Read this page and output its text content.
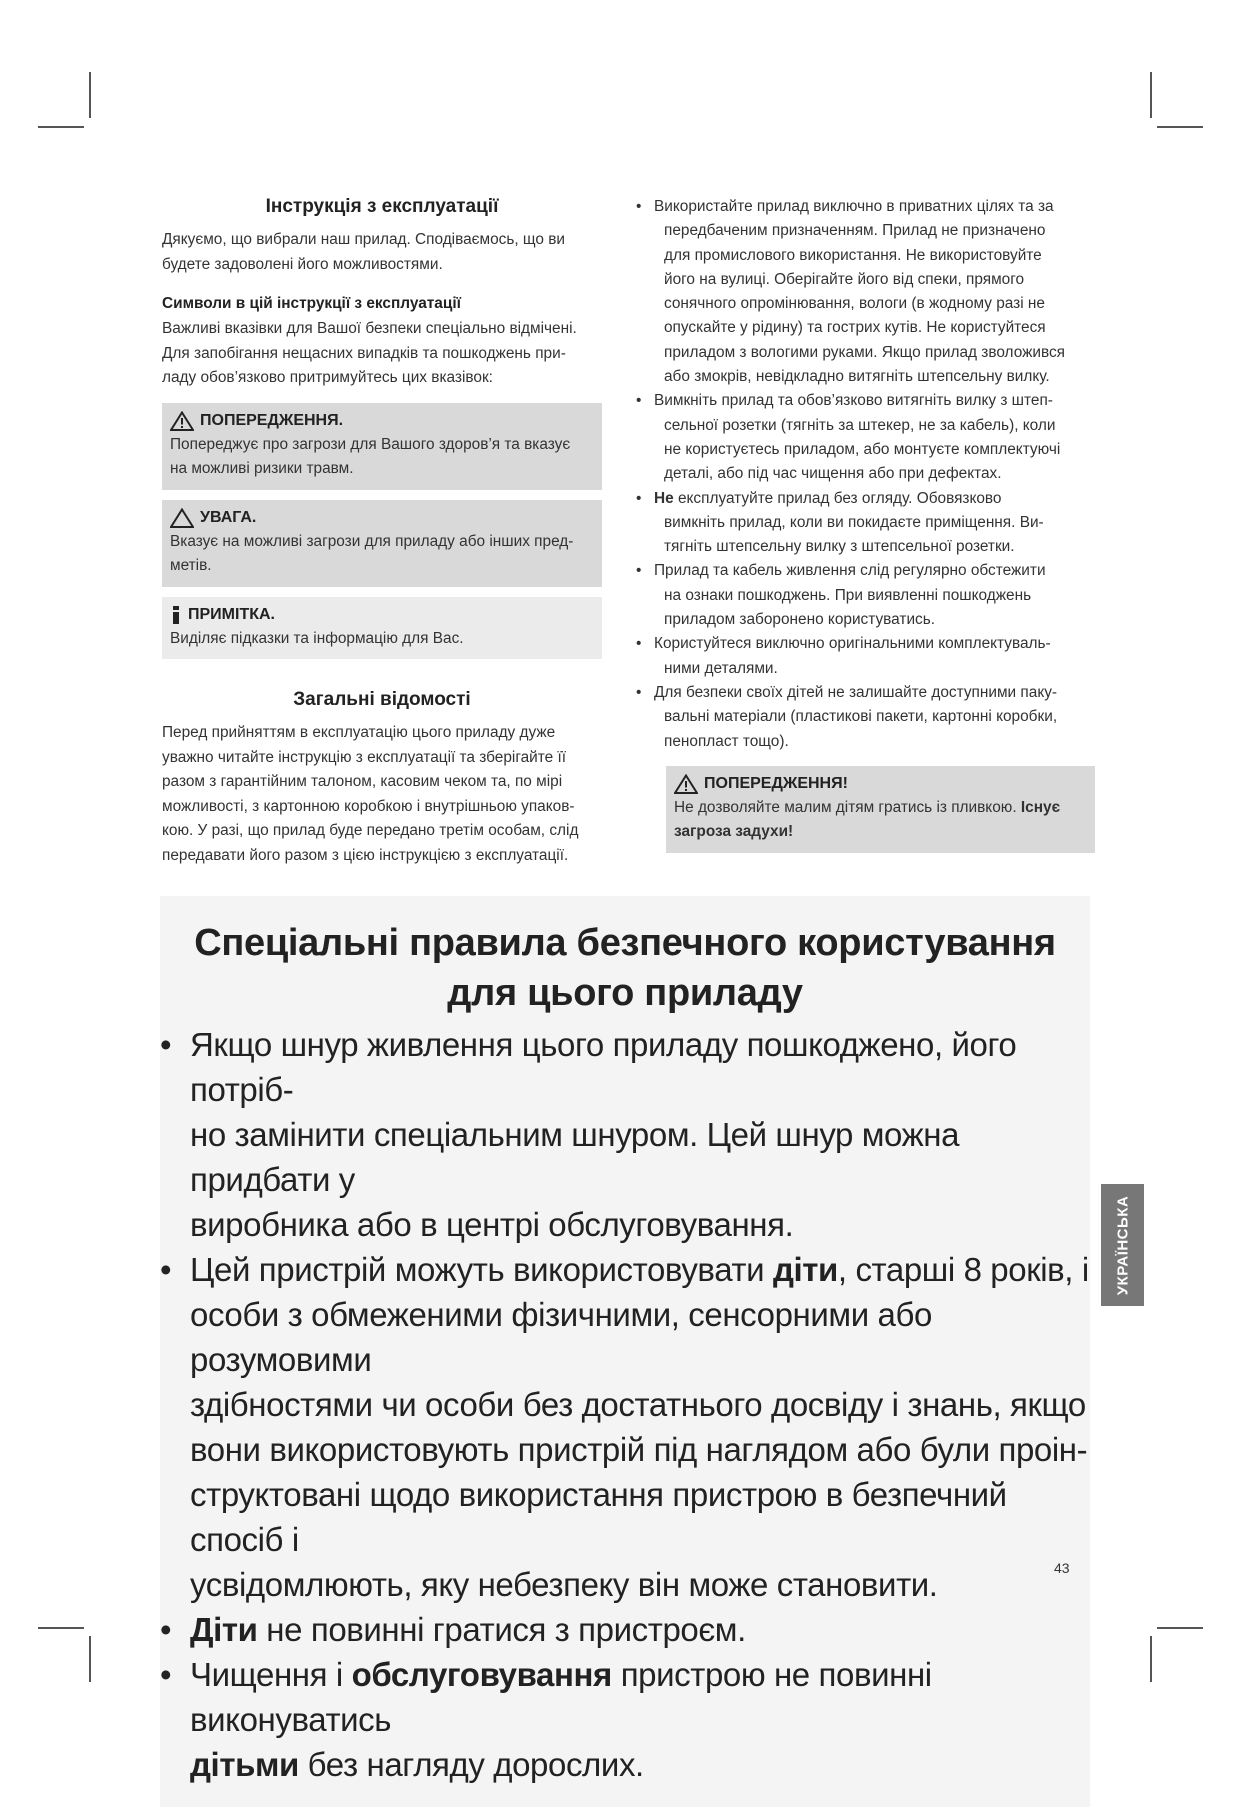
Інструкція з експлуатації

Дякуємо, що вибрали наш прилад. Сподіваємось, що ви

будете задоволені його можливостями.

Символи в цій інструкції з експлуатації

Важливі вказівки для Вашої безпеки спеціально відмічені.

Для запобігання нещасних випадків та пошкоджень при-

ладу обов’язково притримуйтесь цих вказівок:

ПОПЕРЕДЖЕННЯ.

Попереджує про загрози для Вашого здоров’я та вказує

на можливі ризики травм.

УВАГА.

Вказує на можливі загрози для приладу або інших пред-

метів.

ПРИМІТКА.

Виділяє підказки та інформацію для Вас.

Загальні відомості

Перед прийняттям в експлуатацію цього приладу дуже

уважно читайте інструкцію з експлуатації та зберігайте її

разом з гарантійним талоном, касовим чеком та, по мірі

можливості, з картонною коробкою і внутрішньою упаков-

кою. У разі, що прилад буде передано третім особам, слід

передавати його разом з цією інструкцією з експлуатації.

• Використайте прилад виключно в приватних цілях та за
передбаченим призначенням. Прилад не призначено
для промислового використання. Не використовуйте
його на вулиці. Оберігайте його від спеки, прямого
сонячного опромінювання, вологи (в жодному разі не
опускайте у рідину) та гострих кутів. Не користуйтеся
приладом з вологими руками. Якщо прилад зволожився
або змокрів, невідкладно витягніть штепсельну вилку.
• Вимкніть прилад та обов’язково витягніть вилку з штеп-
сельної розетки (тягніть за штекер, не за кабель), коли
не користуєтесь приладом, або монтуєте комплектуючі
деталі, або під час чищення або при дефектах.
• Не експлуатуйте прилад без огляду. Обовязково
вимкніть прилад, коли ви покидаєте приміщення. Ви-
тягніть штепсельну вилку з штепсельної розетки.
• Прилад та кабель живлення слід регулярно обстежити
на ознаки пошкоджень. При виявленні пошкоджень
приладом заборонено користуватись.
• Користуйтеся виключно оригінальними комплектуваль-
ними деталями.
• Для безпеки своїх дітей не залишайте доступними паку-
вальні матеріали (пластикові пакети, картонні коробки,
пенопласт тощо).
ПОПЕРЕДЖЕННЯ!

Не дозволяйте малим дітям гратись із пливкою. Існує

загроза задухи!

Спеціальні правила безпечного користування
для цього приладу
• Якщо шнур живлення цього приладу пошкоджено, його потріб-
но замінити спеціальним шнуром. Цей шнур можна придбати у
виробника або в центрі обслуговування.
• Цей пристрій можуть використовувати діти, старші 8 років, і
особи з обмеженими фізичними, сенсорними або розумовими
здібностями чи особи без достатнього досвіду і знань, якщо
вони використовують пристрій під наглядом або були проін-
структовані щодо використання пристрою в безпечний спосіб і
усвідомлюють, яку небезпеку він може становити.
• Діти не повинні гратися з пристроєм.
• Чищення і обслуговування пристрою не повинні виконуватись
дітьми без нагляду дорослих.
УКРАЇНСЬКА
43
